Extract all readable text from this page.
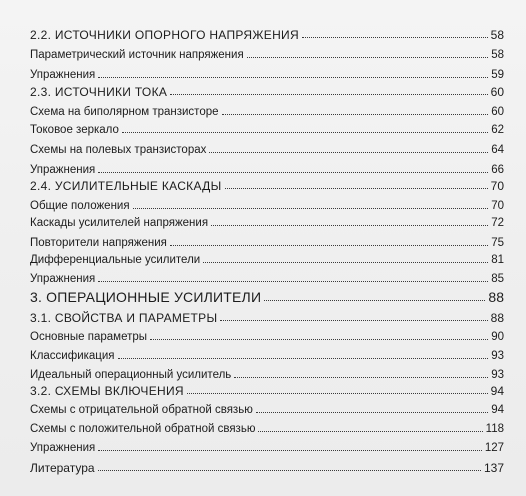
2.2. ИСТОЧНИКИ ОПОРНОГО НАПРЯЖЕНИЯ	58
Параметрический источник напряжения	58
Упражнения	59
2.3. ИСТОЧНИКИ ТОКА	60
Схема на биполярном транзисторе	60
Токовое зеркало	62
Схемы на полевых транзисторах	64
Упражнения	66
2.4. УСИЛИТЕЛЬНЫЕ КАСКАДЫ	70
Общие положения	70
Каскады усилителей напряжения	72
Повторители напряжения	75
Дифференциальные усилители	81
Упражнения	85
3. ОПЕРАЦИОННЫЕ УСИЛИТЕЛИ	88
3.1. СВОЙСТВА И ПАРАМЕТРЫ	88
Основные параметры	90
Классификация	93
Идеальный операционный усилитель	93
3.2. СХЕМЫ ВКЛЮЧЕНИЯ	94
Схемы с отрицательной обратной связью	94
Схемы с положительной обратной связью	118
Упражнения	127
Литература	137
